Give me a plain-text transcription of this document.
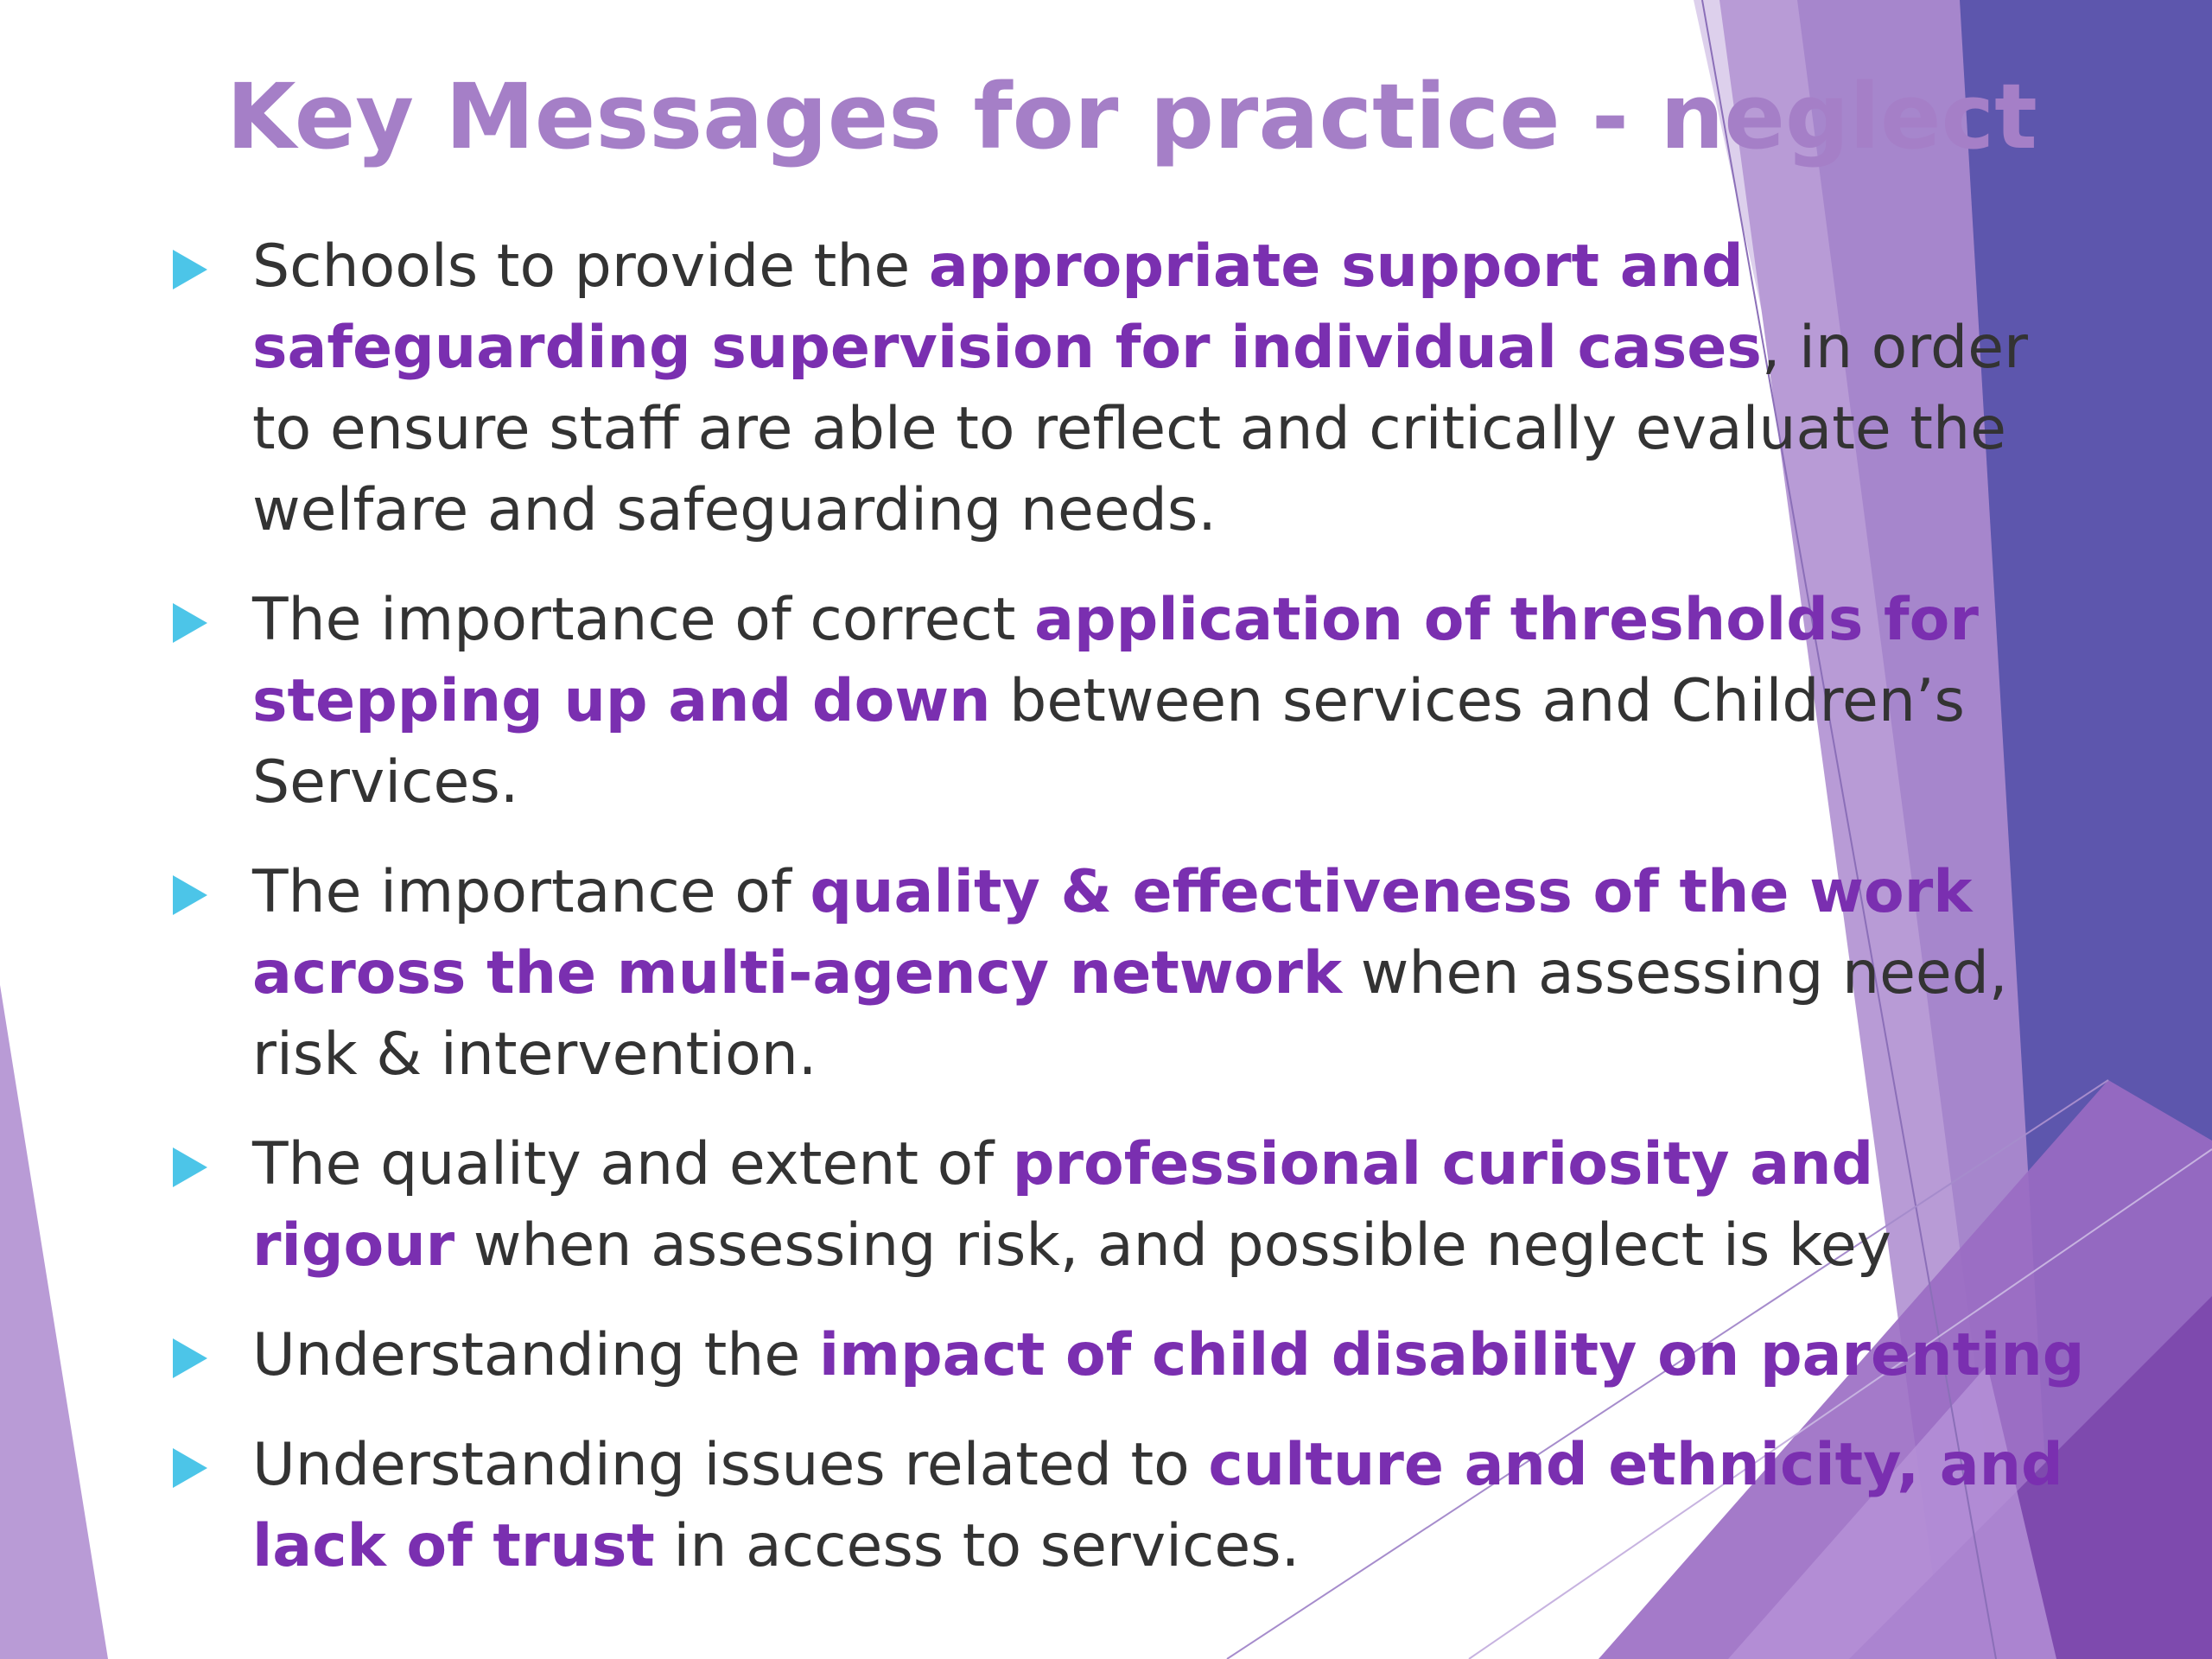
Key Messages for practice - neglect
Schools to provide the appropriate support and safeguarding supervision for individual cases, in order to ensure staff are able to reflect and critically evaluate the welfare and safeguarding needs.
The importance of correct application of thresholds for stepping up and down between services and Children’s Services.
The importance of quality & effectiveness of the work across the multi-agency network when assessing need, risk & intervention.
The quality and extent of professional curiosity and rigour when assessing risk, and possible neglect is key
Understanding the impact of child disability on parenting
Understanding issues related to culture and ethnicity, and lack of trust in access to services.
